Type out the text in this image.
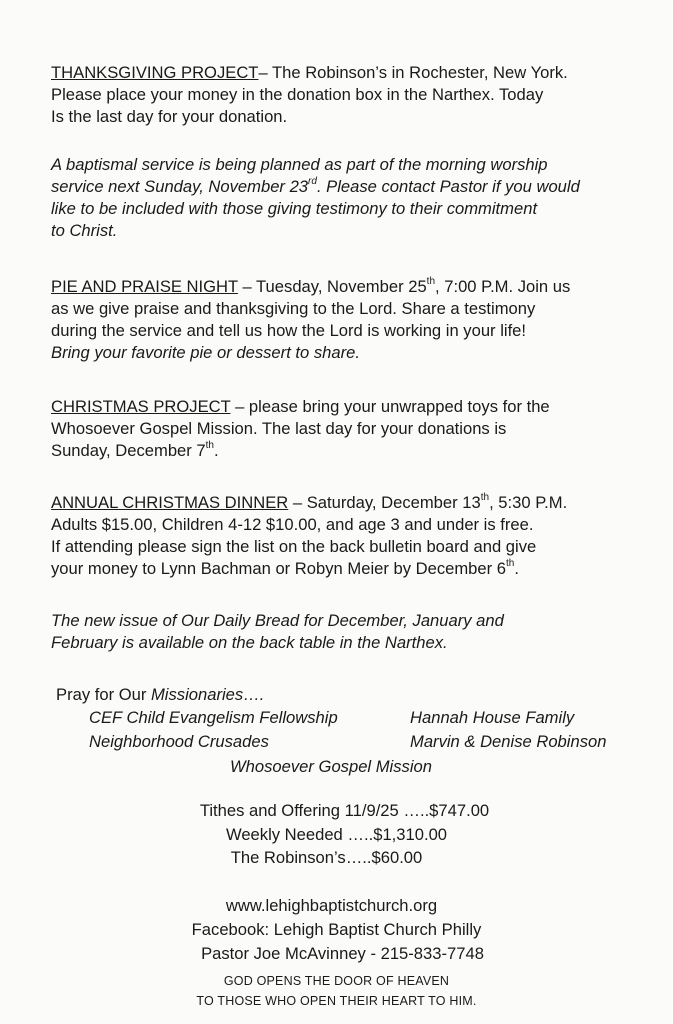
THANKSGIVING PROJECT– The Robinson’s in Rochester, New York.
Please place your money in the donation box in the Narthex. Today
Is the last day for your donation.

A baptismal service is being planned as part of the morning worship
service next Sunday, November 23rd. Please contact Pastor if you would
like to be included with those giving testimony to their commitment
to Christ.

PIE AND PRAISE NIGHT – Tuesday, November 25th, 7:00 P.M. Join us
as we give praise and thanksgiving to the Lord. Share a testimony
during the service and tell us how the Lord is working in your life!
Bring your favorite pie or dessert to share.

CHRISTMAS PROJECT – please bring your unwrapped toys for the
Whosoever Gospel Mission. The last day for your donations is
Sunday, December 7th.

ANNUAL CHRISTMAS DINNER – Saturday, December 13th, 5:30 P.M.
Adults $15.00, Children 4-12 $10.00, and age 3 and under is free.
If attending please sign the list on the back bulletin board and give
your money to Lynn Bachman or Robyn Meier by December 6th.

The new issue of Our Daily Bread for December, January and
February is available on the back table in the Narthex.

Pray for Our Missionaries….
CEF Child Evangelism Fellowship	Hannah House Family
Neighborhood Crusades	Marvin & Denise Robinson
Whosoever Gospel Mission
Tithes and Offering 11/9/25 …..$747.00
Weekly Needed …..$1,310.00
The Robinson’s…..$60.00
www.lehighbaptistchurch.org
Facebook: Lehigh Baptist Church Philly
Pastor Joe McAvinney - 215-833-7748
GOD OPENS THE DOOR OF HEAVEN
TO THOSE WHO OPEN THEIR HEART TO HIM.
